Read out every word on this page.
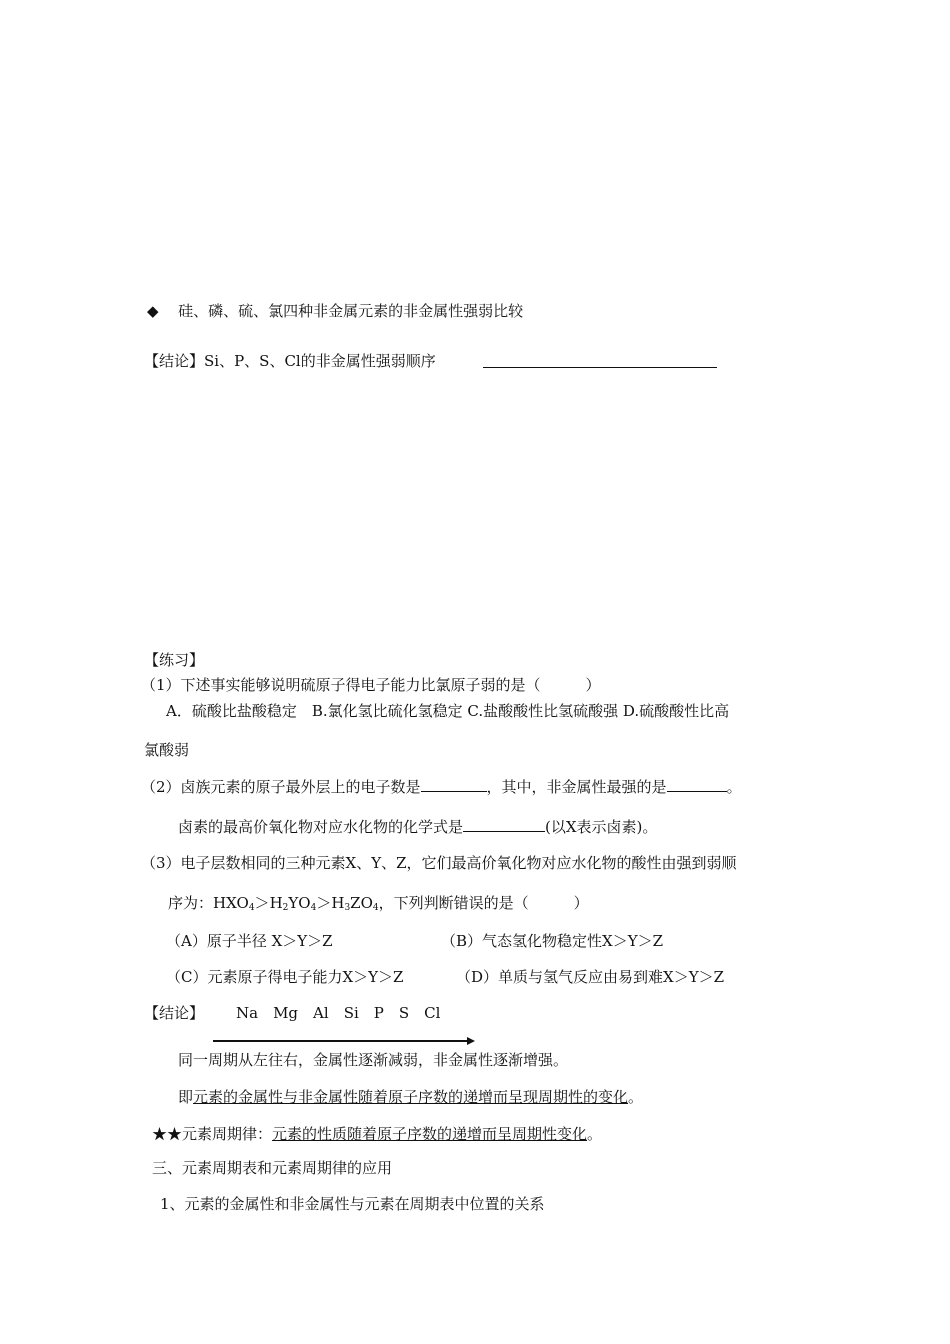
◆ 硅、磷、硫、氯四种非金属元素的非金属性强弱比较
【结论】Si、P、S、Cl的非金属性强弱顺序
【练习】
（1）下述事实能够说明硫原子得电子能力比氯原子弱的是（　　　）
A．硫酸比盐酸稳定　B.氯化氢比硫化氢稳定 C.盐酸酸性比氢硫酸强 D.硫酸酸性比高
氯酸弱
（2）卤族元素的原子最外层上的电子数是	，其中，非金属性最强的是	。
卤素的最高价氧化物对应水化物的化学式是	(以X表示卤素)。
（3）电子层数相同的三种元素X、Y、Z，它们最高价氧化物对应水化物的酸性由强到弱顺
序为：$HXO_4>H_2YO_4>H_3ZO_4$，下列判断错误的是（　　　）
（A）原子半径 X＞Y＞Z	（B）气态氢化物稳定性X＞Y＞Z
（C）元素原子得电子能力X＞Y＞Z	（D）单质与氢气反应由易到难X＞Y＞Z
【结论】 Na Mg Al Si P S Cl
同一周期从左往右，金属性逐渐减弱，非金属性逐渐增强。
即元素的金属性与非金属性随着原子序数的递增而呈现周期性的变化。
★★元素周期律：元素的性质随着原子序数的递增而呈周期性变化。
三、元素周期表和元素周期律的应用
1、元素的金属性和非金属性与元素在周期表中位置的关系
